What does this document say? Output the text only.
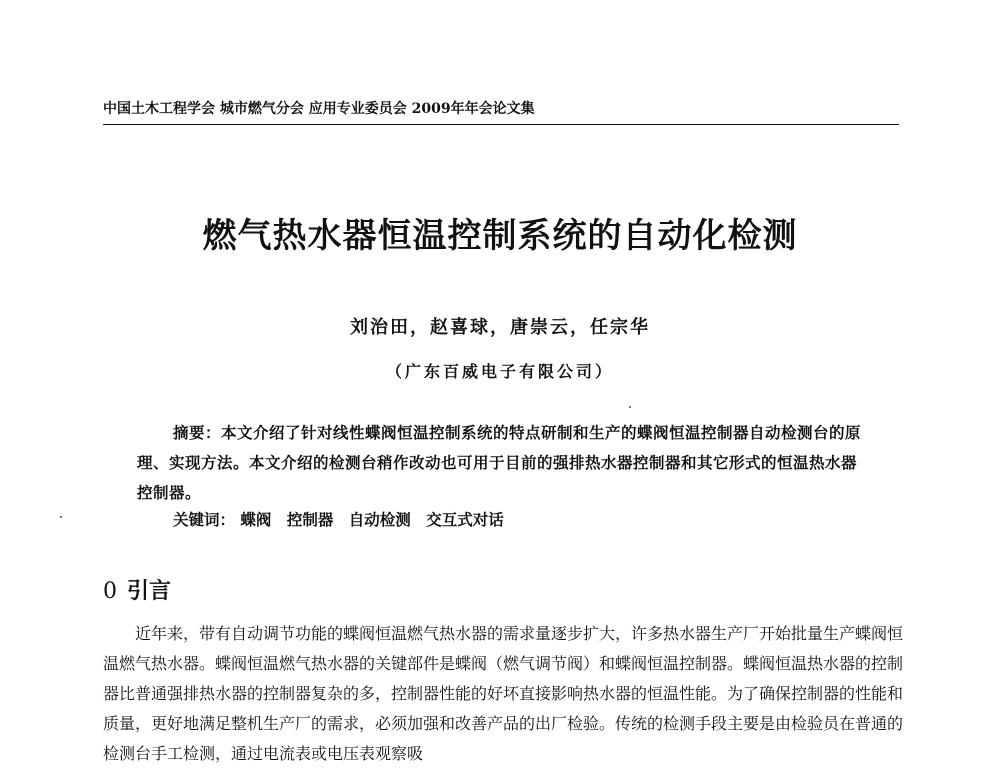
中国土木工程学会 城市燃气分会 应用专业委员会 2009年年会论文集
燃气热水器恒温控制系统的自动化检测
刘治田，赵喜球，唐崇云，任宗华
（广东百威电子有限公司）
摘要：本文介绍了针对线性蝶阀恒温控制系统的特点研制和生产的蝶阀恒温控制器自动检测台的原理、实现方法。本文介绍的检测台稍作改动也可用于目前的强排热水器控制器和其它形式的恒温热水器控制器。
关键词： 蝶阀 控制器 自动检测 交互式对话
0 引言
近年来，带有自动调节功能的蝶阀恒温燃气热水器的需求量逐步扩大，许多热水器生产厂开始批量生产蝶阀恒温燃气热水器。蝶阀恒温燃气热水器的关键部件是蝶阀（燃气调节阀）和蝶阀恒温控制器。蝶阀恒温热水器的控制器比普通强排热水器的控制器复杂的多，控制器性能的好坏直接影响热水器的恒温性能。为了确保控制器的性能和质量，更好地满足整机生产厂的需求，必须加强和改善产品的出厂检验。传统的检测手段主要是由检验员在普通的检测台手工检测，通过电流表或电压表观察吸
